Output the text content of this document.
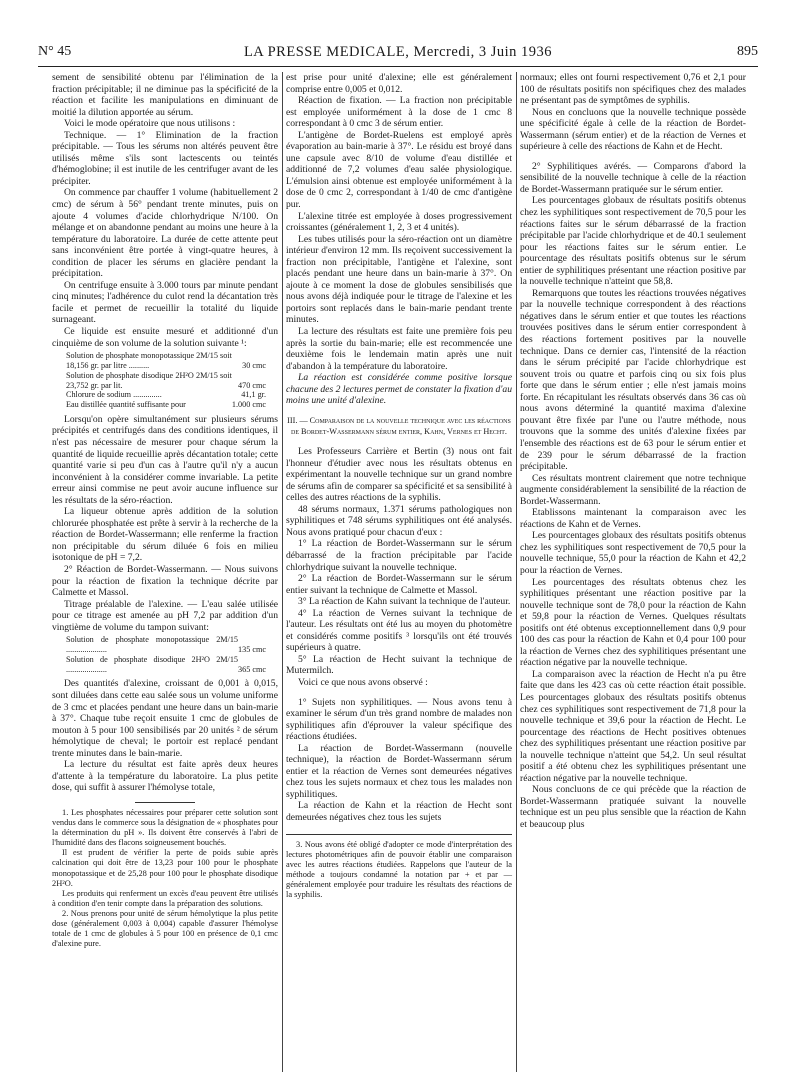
N° 45	LA PRESSE MEDICALE, Mercredi, 3 Juin 1936	895

sement de sensibilité obtenu par l'élimination de la fraction précipitable; il ne diminue pas la spécificité de la réaction et facilite les manipulations en diminuant de moitié la dilution apportée au sérum.

Voici le mode opératoire que nous utilisons :

Technique. — 1° Elimination de la fraction précipitable. — Tous les sérums non altérés peuvent être utilisés même s'ils sont lactescents ou teintés d'hémoglobine; il est inutile de les centrifuger avant de les précipiter.

On commence par chauffer 1 volume (habituellement 2 cmc) de sérum à 56° pendant trente minutes, puis on ajoute 4 volumes d'acide chlorhydrique N/100. On mélange et on abandonne pendant au moins une heure à la température du laboratoire. La durée de cette attente peut sans inconvénient être portée à vingt-quatre heures, à condition de placer les sérums en glacière pendant la précipitation.

On centrifuge ensuite à 3.000 tours par minute pendant cinq minutes; l'adhérence du culot rend la décantation très facile et permet de recueillir la totalité du liquide surnageant.

Ce liquide est ensuite mesuré et additionné d'un cinquième de son volume de la solution suivante ¹:

Solution de phosphate monopotassique 2M/15 soit 18,156 gr. par litre ..........	30 cmc
Solution de phosphate disodique 2H²O 2M/15 soit 23,752 gr. par lit.	470 cmc
Chlorure de sodium ..............	41,1 gr.
Eau distillée quantité suffisante pour	1.000 cmc

Lorsqu'on opère simultanément sur plusieurs sérums précipités et centrifugés dans des conditions identiques, il n'est pas nécessaire de mesurer pour chaque sérum la quantité de liquide recueillie après décantation totale; cette quantité varie si peu d'un cas à l'autre qu'il n'y a aucun inconvénient à la considérer comme invariable. La petite erreur ainsi commise ne peut avoir aucune influence sur les résultats de la séro-réaction.

La liqueur obtenue après addition de la solution chlorurée phosphatée est prête à servir à la recherche de la réaction de Bordet-Wassermann; elle renferme la fraction non précipitable du sérum diluée 6 fois en milieu isotonique de pH = 7,2.

2° Réaction de Bordet-Wassermann. — Nous suivons pour la réaction de fixation la technique décrite par Calmette et Massol.

Titrage préalable de l'alexine. — L'eau salée utilisée pour ce titrage est amenée au pH 7,2 par addition d'un vingtième de volume du tampon suivant:

Solution de phosphate monopotassique 2M/15 ....................	135 cmc
Solution de phosphate disodique 2H²O 2M/15 ....................	365 cmc

Des quantités d'alexine, croissant de 0,001 à 0,015, sont diluées dans cette eau salée sous un volume uniforme de 3 cmc et placées pendant une heure dans un bain-marie à 37°. Chaque tube reçoit ensuite 1 cmc de globules de mouton à 5 pour 100 sensibilisés par 20 unités ² de sérum hémolytique de cheval; le portoir est replacé pendant trente minutes dans le bain-marie.

La lecture du résultat est faite après deux heures d'attente à la température du laboratoire. La plus petite dose, qui suffit à assurer l'hémolyse totale,

1. Les phosphates nécessaires pour préparer cette solution sont vendus dans le commerce sous la désignation de « phosphates pour la détermination du pH ». Ils doivent être conservés à l'abri de l'humidité dans des flacons soigneusement bouchés.

Il est prudent de vérifier la perte de poids subie après calcination qui doit être de 13,23 pour 100 pour le phosphate monopotassique et de 25,28 pour 100 pour le phosphate disodique 2H²O.

Les produits qui renferment un excès d'eau peuvent être utilisés à condition d'en tenir compte dans la préparation des solutions.

2. Nous prenons pour unité de sérum hémolytique la plus petite dose (généralement 0,003 à 0,004) capable d'assurer l'hémolyse totale de 1 cmc de globules à 5 pour 100 en présence de 0,1 cmc d'alexine pure.

est prise pour unité d'alexine; elle est généralement comprise entre 0,005 et 0,012.

Réaction de fixation. — La fraction non précipitable est employée uniformément à la dose de 1 cmc 8 correspondant à 0 cmc 3 de sérum entier.

L'antigène de Bordet-Ruelens est employé après évaporation au bain-marie à 37°. Le résidu est broyé dans une capsule avec 8/10 de volume d'eau distillée et additionné de 7,2 volumes d'eau salée physiologique. L'émulsion ainsi obtenue est employée uniformément à la dose de 0 cmc 2, correspondant à 1/40 de cmc d'antigène pur.

L'alexine titrée est employée à doses progressivement croissantes (généralement 1, 2, 3 et 4 unités).

Les tubes utilisés pour la séro-réaction ont un diamètre intérieur d'environ 12 mm. Ils reçoivent successivement la fraction non précipitable, l'antigène et l'alexine, sont placés pendant une heure dans un bain-marie à 37°. On ajoute à ce moment la dose de globules sensibilisés que nous avons déjà indiquée pour le titrage de l'alexine et les portoirs sont replacés dans le bain-marie pendant trente minutes.

La lecture des résultats est faite une première fois peu après la sortie du bain-marie; elle est recommencée une deuxième fois le lendemain matin après une nuit d'abandon à la température du laboratoire.

La réaction est considérée comme positive lorsque chacune des 2 lectures permet de constater la fixation d'au moins une unité d'alexine.

III. — Comparaison de la nouvelle technique avec les réactions de Bordet-Wassermann sérum entier, Kahn, Vernes et Hecht.

Les Professeurs Carrière et Bertin (3) nous ont fait l'honneur d'étudier avec nous les résultats obtenus en expérimentant la nouvelle technique sur un grand nombre de sérums afin de comparer sa spécificité et sa sensibilité à celles des autres réactions de la syphilis.

48 sérums normaux, 1.371 sérums pathologiques non syphilitiques et 748 sérums syphilitiques ont été analysés. Nous avons pratiqué pour chacun d'eux :

1° La réaction de Bordet-Wassermann sur le sérum débarrassé de la fraction précipitable par l'acide chlorhydrique suivant la nouvelle technique.

2° La réaction de Bordet-Wassermann sur le sérum entier suivant la technique de Calmette et Massol.

3° La réaction de Kahn suivant la technique de l'auteur.

4° La réaction de Vernes suivant la technique de l'auteur. Les résultats ont été lus au moyen du photomètre et considérés comme positifs ³ lorsqu'ils ont été trouvés supérieurs à quatre.

5° La réaction de Hecht suivant la technique de Mutermilch.

Voici ce que nous avons observé :

1° Sujets non syphilitiques. — Nous avons tenu à examiner le sérum d'un très grand nombre de malades non syphilitiques afin d'éprouver la valeur spécifique des réactions étudiées.

La réaction de Bordet-Wassermann (nouvelle technique), la réaction de Bordet-Wassermann sérum entier et la réaction de Vernes sont demeurées négatives chez tous les sujets normaux et chez tous les malades non syphilitiques.

La réaction de Kahn et la réaction de Hecht sont demeurées négatives chez tous les sujets

3. Nous avons été obligé d'adopter ce mode d'interprétation des lectures photométriques afin de pouvoir établir une comparaison avec les autres réactions étudiées. Rappelons que l'auteur de la méthode a toujours condamné la notation par + et par — généralement employée pour traduire les résultats des réactions de la syphilis.

normaux; elles ont fourni respectivement 0,76 et 2,1 pour 100 de résultats positifs non spécifiques chez des malades ne présentant pas de symptômes de syphilis.

Nous en concluons que la nouvelle technique possède une spécificité égale à celle de la réaction de Bordet-Wassermann (sérum entier) et de la réaction de Vernes et supérieure à celle des réactions de Kahn et de Hecht.

2° Syphilitiques avérés. — Comparons d'abord la sensibilité de la nouvelle technique à celle de la réaction de Bordet-Wassermann pratiquée sur le sérum entier.

Les pourcentages globaux de résultats positifs obtenus chez les syphilitiques sont respectivement de 70,5 pour les réactions faites sur le sérum débarrassé de la fraction précipitable par l'acide chlorhydrique et de 40.1 seulement pour les réactions faites sur le sérum entier. Le pourcentage des résultats positifs obtenus sur le sérum entier de syphilitiques présentant une réaction positive par la nouvelle technique n'atteint que 58,8.

Remarquons que toutes les réactions trouvées négatives par la nouvelle technique correspondent à des réactions négatives dans le sérum entier et que toutes les réactions trouvées positives dans le sérum entier correspondent à des réactions fortement positives par la nouvelle technique. Dans ce dernier cas, l'intensité de la réaction dans le sérum précipité par l'acide chlorhydrique est souvent trois ou quatre et parfois cinq ou six fois plus forte que dans le sérum entier ; elle n'est jamais moins forte. En récapitulant les résultats observés dans 36 cas où nous avons déterminé la quantité maxima d'alexine pouvant être fixée par l'une ou l'autre méthode, nous trouvons que la somme des unités d'alexine fixées par l'ensemble des réactions est de 63 pour le sérum entier et de 239 pour le sérum débarrassé de la fraction précipitable.

Ces résultats montrent clairement que notre technique augmente considérablement la sensibilité de la réaction de Bordet-Wassermann.

Etablissons maintenant la comparaison avec les réactions de Kahn et de Vernes.

Les pourcentages globaux des résultats positifs obtenus chez les syphilitiques sont respectivement de 70,5 pour la nouvelle technique, 55,0 pour la réaction de Kahn et 42,2 pour la réaction de Vernes.

Les pourcentages des résultats obtenus chez les syphilitiques présentant une réaction positive par la nouvelle technique sont de 78,0 pour la réaction de Kahn et 59,8 pour la réaction de Vernes. Quelques résultats positifs ont été obtenus exceptionnellement dans 0,9 pour 100 des cas pour la réaction de Kahn et 0,4 pour 100 pour la réaction de Vernes chez des syphilitiques présentant une réaction négative par la nouvelle technique.

La comparaison avec la réaction de Hecht n'a pu être faite que dans les 423 cas où cette réaction était possible. Les pourcentages globaux des résultats positifs obtenus chez ces syphilitiques sont respectivement de 71,8 pour la nouvelle technique et 39,6 pour la réaction de Hecht. Le pourcentage des réactions de Hecht positives obtenues chez des syphilitiques présentant une réaction positive par la nouvelle technique n'atteint que 54,2. Un seul résultat positif a été obtenu chez les syphilitiques présentant une réaction négative par la nouvelle technique.

Nous concluons de ce qui précède que la réaction de Bordet-Wassermann pratiquée suivant la nouvelle technique est un peu plus sensible que la réaction de Kahn et beaucoup plus
